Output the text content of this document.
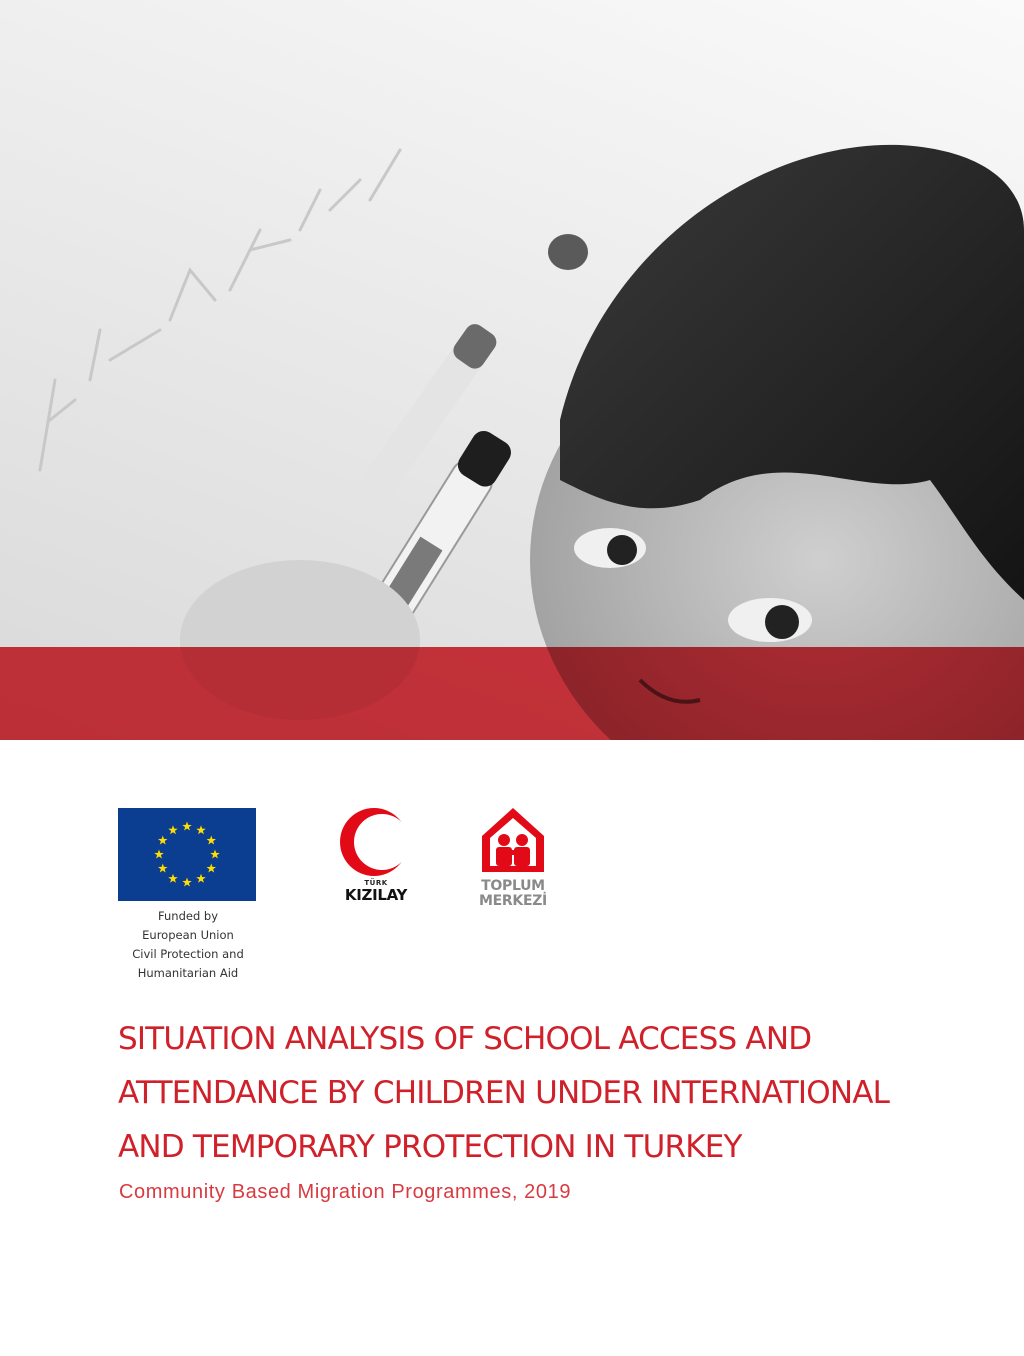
Funded by
European Union
Civil Protection and
Humanitarian Aid
TÜRK
KIZILAY	TOPLUM
MERKEZİ
SITUATION ANALYSIS OF SCHOOL ACCESS AND
ATTENDANCE BY CHILDREN UNDER INTERNATIONAL
AND TEMPORARY PROTECTION IN TURKEY
Community Based Migration Programmes, 2019
